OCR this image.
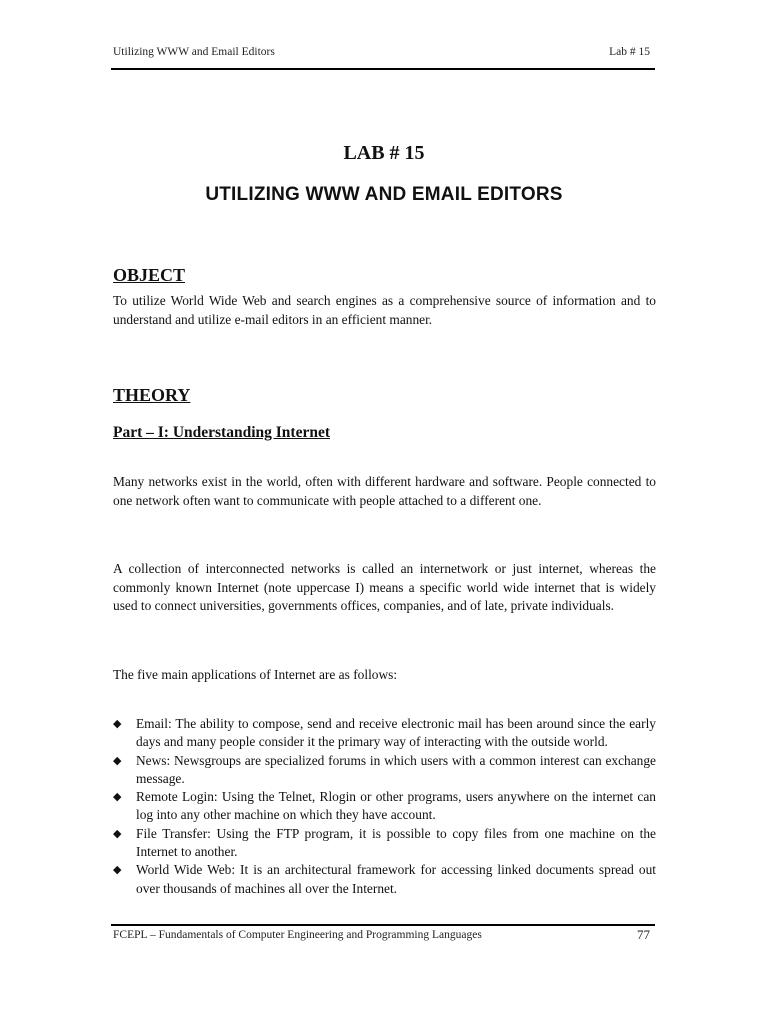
Utilizing WWW and Email Editors	Lab # 15
LAB # 15
UTILIZING WWW AND EMAIL EDITORS
OBJECT

To utilize World Wide Web and search engines as a comprehensive source of information and to understand and utilize e-mail editors in an efficient manner.

THEORY
Part – I: Understanding Internet

Many networks exist in the world, often with different hardware and software. People connected to one network often want to communicate with people attached to a different one.

A collection of interconnected networks is called an internetwork or just internet, whereas the commonly known Internet (note uppercase I) means a specific world wide internet that is widely used to connect universities, governments offices, companies, and of late, private individuals.

The five main applications of Internet are as follows:

◆ Email: The ability to compose, send and receive electronic mail has been around since the early days and many people consider it the primary way of interacting with the outside world.
◆ News: Newsgroups are specialized forums in which users with a common interest can exchange message.
◆ Remote Login: Using the Telnet, Rlogin or other programs, users anywhere on the internet can log into any other machine on which they have account.
◆ File Transfer: Using the FTP program, it is possible to copy files from one machine on the Internet to another.
◆ World Wide Web: It is an architectural framework for accessing linked documents spread out over thousands of machines all over the Internet.
FCEPL – Fundamentals of Computer Engineering and Programming Languages	77
